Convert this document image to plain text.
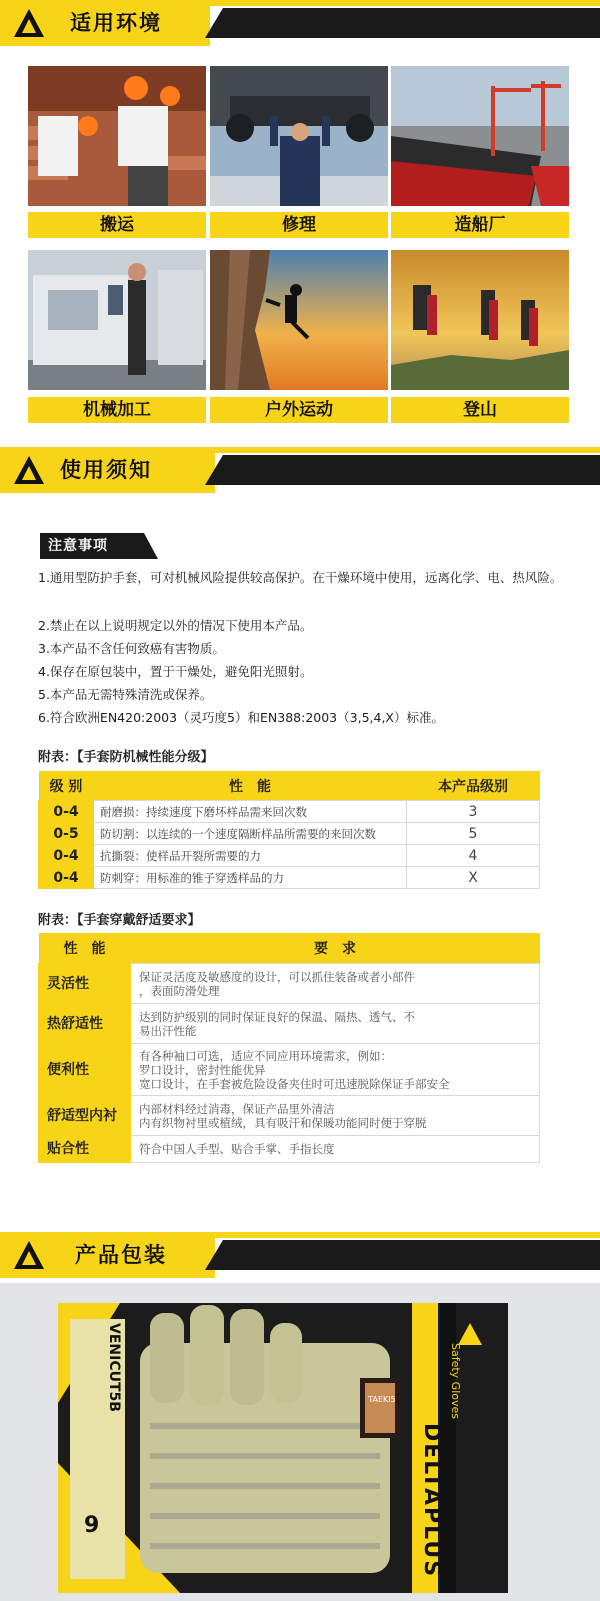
适用环境
搬运	修理	造船厂
机械加工	户外运动	登山
使用须知
注意事项
1.通用型防护手套，可对机械风险提供较高保护。在干燥环境中使用，远离化学、电、热风险。
2.禁止在以上说明规定以外的情况下使用本产品。
3.本产品不含任何致癌有害物质。
4.保存在原包装中，置于干燥处，避免阳光照射。
5.本产品无需特殊清洗或保养。
6.符合欧洲EN420:2003（灵巧度5）和EN388:2003（3,5,4,X）标准。
附表：【手套防机械性能分级】
级 别	性　能	本产品级别
0-4	耐磨损：持续速度下磨坏样品需来回次数	3
0-5	防切割：以连续的一个速度隔断样品所需要的来回次数	5
0-4	抗撕裂：使样品开裂所需要的力	4
0-4	防刺穿：用标准的锥子穿透样品的力	X
附表：【手套穿戴舒适要求】
性　能	要　求
灵活性	保证灵活度及敏感度的设计，可以抓住装备或者小部件
，表面防滑处理

热舒适性	达到防护级别的同时保证良好的保温、隔热、透气、不
易出汗性能

便利性	有各种袖口可选，适应不同应用环境需求，例如：
罗口设计，密封性能优异
宽口设计，在手套被危险设备夹住时可迅速脱除保证手部安全

舒适型内衬	内部材料经过消毒，保证产品里外清洁
内有织物衬里或植绒，具有吸汗和保暖功能同时便于穿脱

贴合性	符合中国人手型、贴合手掌、手指长度
产品包装
DELTAPLUS
Safety Gloves
VENICUT5B	TAEKI5
9
